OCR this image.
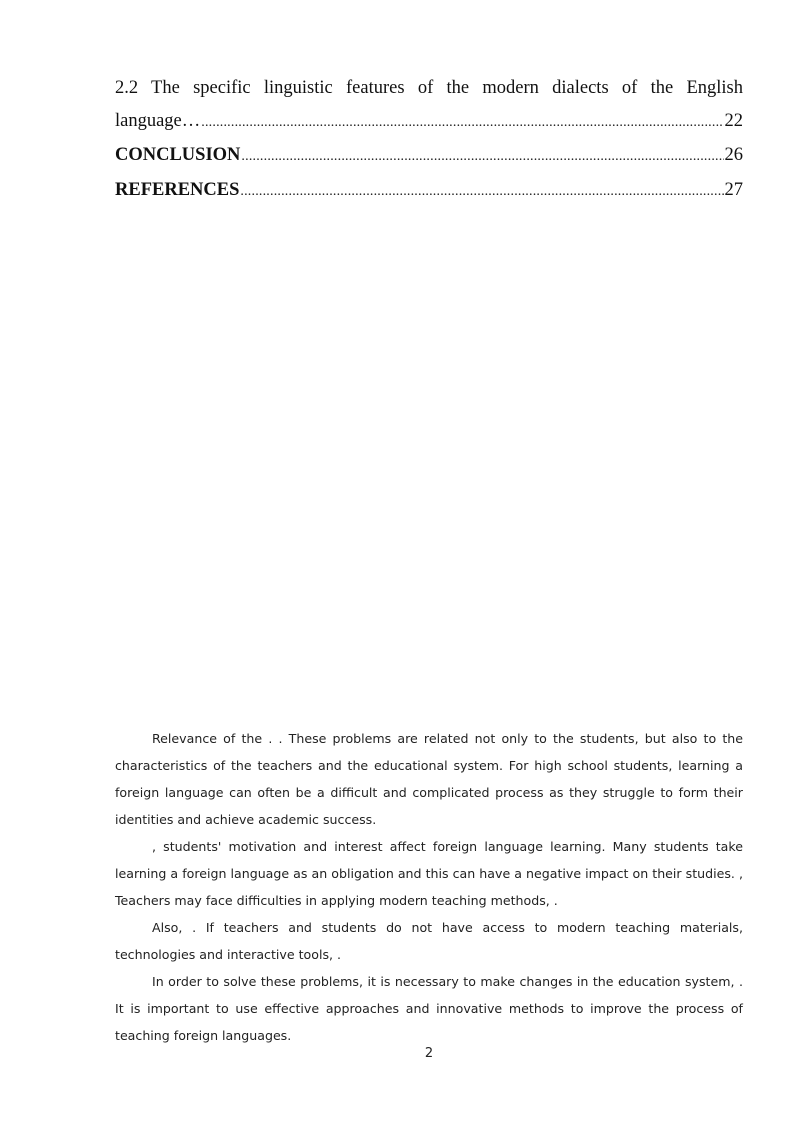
2.2 The specific linguistic features of the modern dialects of the English
language… .....	22
CONCLUSION .....	26
REFERENCES .....	27

Relevance of the . . These problems are related not only to the students, but also to the characteristics of the teachers and the educational system. For high school students, learning a foreign language can often be a difficult and complicated process as they struggle to form their identities and achieve academic success.

, students' motivation and interest affect foreign language learning. Many students take learning a foreign language as an obligation and this can have a negative impact on their studies. , Teachers may face difficulties in applying modern teaching methods, .

Also, . If teachers and students do not have access to modern teaching materials, technologies and interactive tools, .

In order to solve these problems, it is necessary to make changes in the education system, . It is important to use effective approaches and innovative methods to improve the process of teaching foreign languages.

2
